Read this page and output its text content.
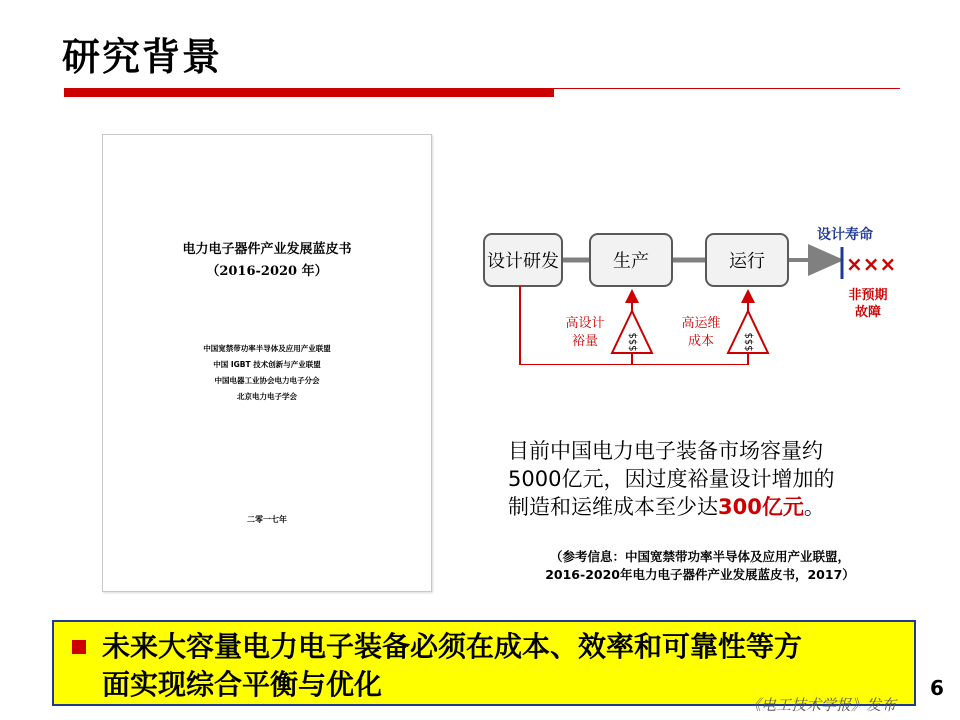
研究背景
电力电子器件产业发展蓝皮书
（2016-2020 年）
中国宽禁带功率半导体及应用产业联盟
中国 IGBT 技术创新与产业联盟
中国电器工业协会电力电子分会
北京电力电子学会
二零一七年
设计研发	生产	运行
设计寿命
×××
非预期
故障
$$$	$$$
高设计
裕量
高运维
成本
目前中国电力电子装备市场容量约
5000亿元，因过度裕量设计增加的
制造和运维成本至少达300亿元。
（参考信息：中国宽禁带功率半导体及应用产业联盟，
2016-2020年电力电子器件产业发展蓝皮书，2017）
未来大容量电力电子装备必须在成本、效率和可靠性等方
面实现综合平衡与优化	6
《电工技术学报》发布
